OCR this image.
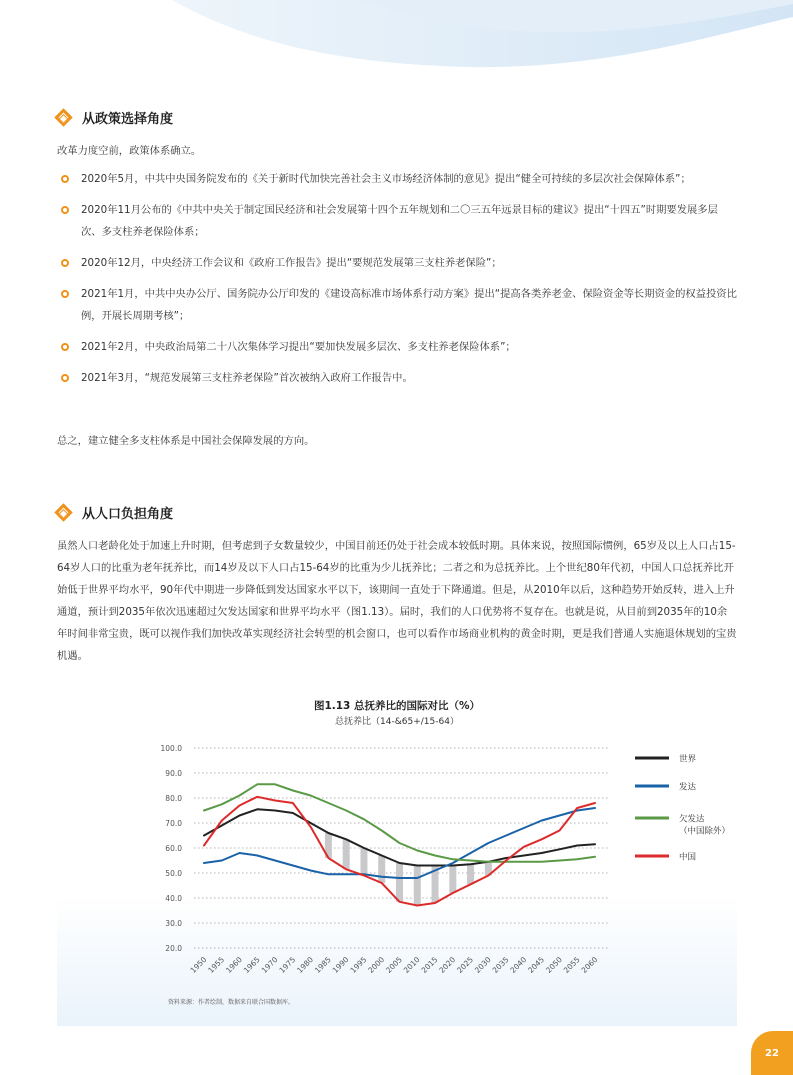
从政策选择角度

改革力度空前，政策体系确立。

2020年5月，中共中央国务院发布的《关于新时代加快完善社会主义市场经济体制的意见》提出“健全可持续的多层次社会保障体系”；
2020年11月公布的《中共中央关于制定国民经济和社会发展第十四个五年规划和二〇三五年远景目标的建议》提出“十四五”时期要发展多层次、多支柱养老保险体系；
2020年12月，中央经济工作会议和《政府工作报告》提出“要规范发展第三支柱养老保险”；
2021年1月，中共中央办公厅、国务院办公厅印发的《建设高标准市场体系行动方案》提出“提高各类养老金、保险资金等长期资金的权益投资比例，开展长周期考核”；
2021年2月，中央政治局第二十八次集体学习提出“要加快发展多层次、多支柱养老保险体系”；
2021年3月，“规范发展第三支柱养老保险”首次被纳入政府工作报告中。

总之，建立健全多支柱体系是中国社会保障发展的方向。

从人口负担角度

虽然人口老龄化处于加速上升时期，但考虑到子女数量较少，中国目前还仍处于社会成本较低时期。具体来说，按照国际惯例，65岁及以上人口占15-64岁人口的比重为老年抚养比，而14岁及以下人口占15-64岁的比重为少儿抚养比；二者之和为总抚养比。上个世纪80年代初，中国人口总抚养比开始低于世界平均水平，90年代中期进一步降低到发达国家水平以下，该期间一直处于下降通道。但是，从2010年以后，这种趋势开始反转，进入上升通道，预计到2035年依次迅速超过欠发达国家和世界平均水平（图1.13）。届时，我们的人口优势将不复存在。也就是说，从目前到2035年的10余年时间非常宝贵，既可以视作我们加快改革实现经济社会转型的机会窗口，也可以看作市场商业机构的黄金时期，更是我们普通人实施退休规划的宝贵机遇。

图1.13 总抚养比的国际对比（%）
总抚养比（14-&65+/15-64）
100.0
90.0
80.0
70.0
60.0
50.0
40.0
30.0
20.0
1950
1955
1960
1965
1970
1975
1980
1985
1990
1995
2000
2005
2010
2015
2020
2025
2030
2035
2040
2045
2050
2055
2060
世界
发达
欠发达
（中国除外）
中国
资料来源：作者绘制，数据来自联合国数据库。
22
